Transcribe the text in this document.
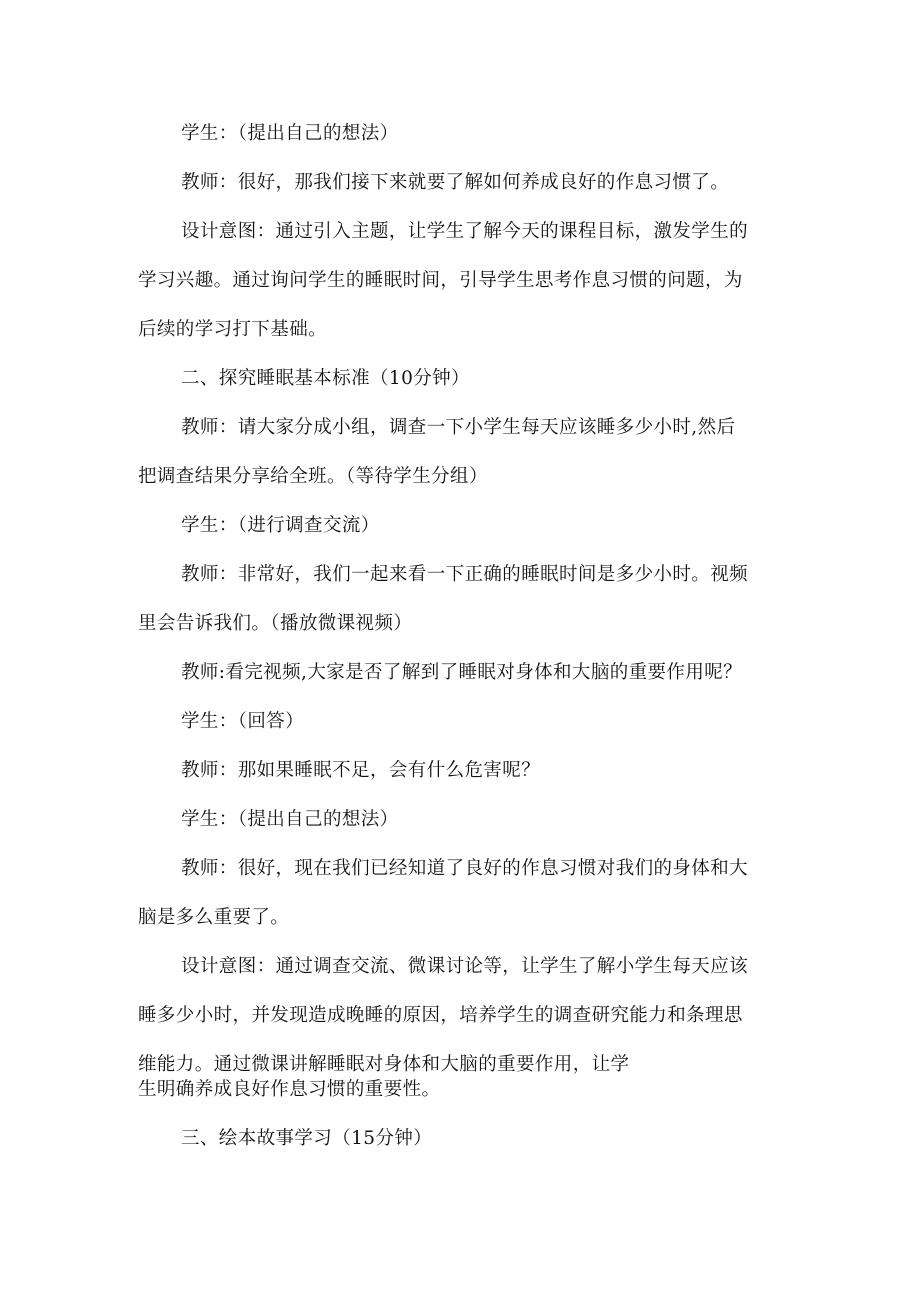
学生：（提出自己的想法）
教师：很好，那我们接下来就要了解如何养成良好的作息习惯了。
设计意图：通过引入主题，让学生了解今天的课程目标，激发学生的
学习兴趣。通过询问学生的睡眠时间，引导学生思考作息习惯的问题，为
后续的学习打下基础。
二、探究睡眠基本标准（10分钟）
教师：请大家分成小组，调查一下小学生每天应该睡多少小时,然后
把调查结果分享给全班。（等待学生分组）
学生：（进行调查交流）
教师：非常好，我们一起来看一下正确的睡眠时间是多少小时。视频
里会告诉我们。（播放微课视频）
教师:看完视频,大家是否了解到了睡眠对身体和大脑的重要作用呢？
学生：（回答）
教师：那如果睡眠不足，会有什么危害呢？
学生：（提出自己的想法）
教师：很好，现在我们已经知道了良好的作息习惯对我们的身体和大
脑是多么重要了。
设计意图：通过调查交流、微课讨论等，让学生了解小学生每天应该
睡多少小时，并发现造成晚睡的原因，培养学生的调查研究能力和条理思
维能力。通过微课讲解睡眠对身体和大脑的重要作用，让学
生明确养成良好作息习惯的重要性。
三、绘本故事学习（15分钟）
